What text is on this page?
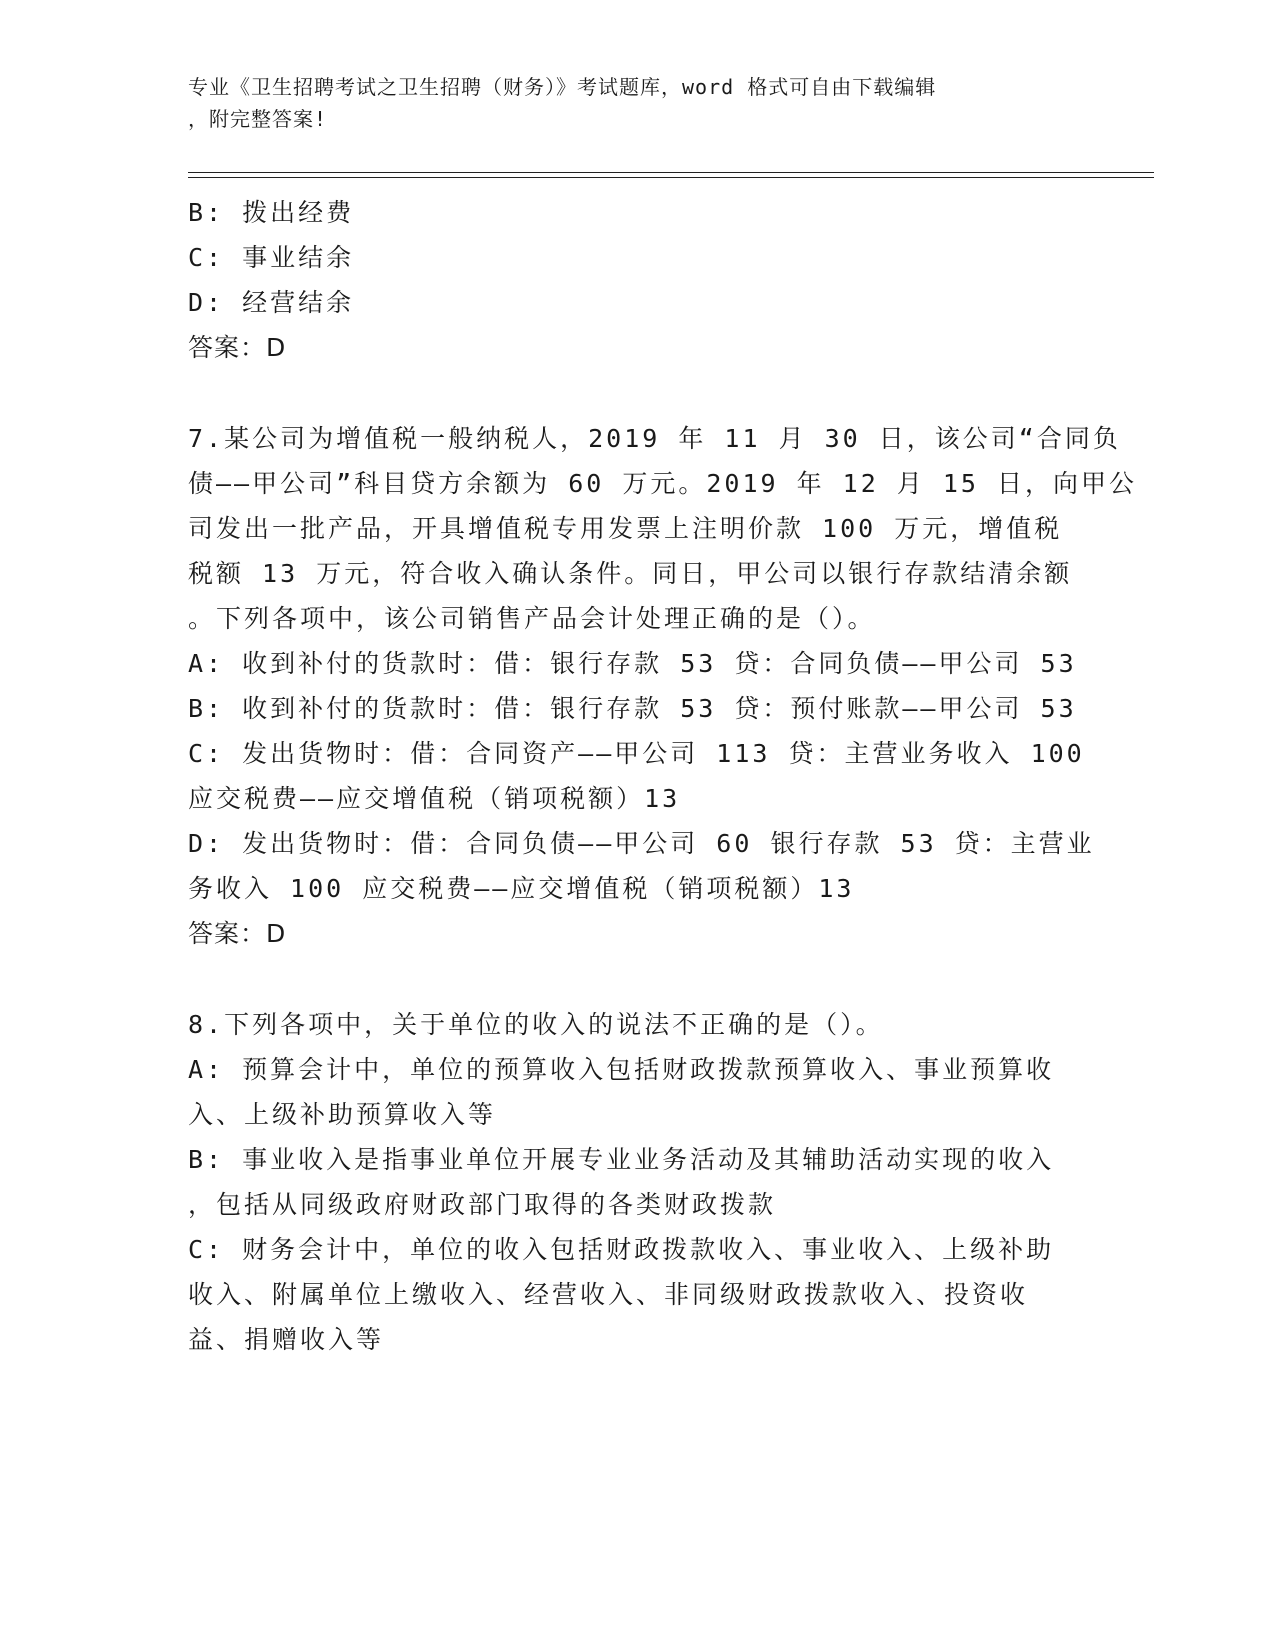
专业《卫生招聘考试之卫生招聘（财务）》考试题库，word 格式可自由下载编辑
，附完整答案!
B: 拨出经费
C: 事业结余
D: 经营结余
答案：D
7.某公司为增值税一般纳税人，2019 年 11 月 30 日，该公司“合同负
债——甲公司”科目贷方余额为 60 万元。2019 年 12 月 15 日，向甲公
司发出一批产品，开具增值税专用发票上注明价款 100 万元，增值税
税额 13 万元，符合收入确认条件。同日，甲公司以银行存款结清余额
。下列各项中，该公司销售产品会计处理正确的是（）。
A: 收到补付的货款时：借：银行存款 53 贷：合同负债——甲公司 53
B: 收到补付的货款时：借：银行存款 53 贷：预付账款——甲公司 53
C: 发出货物时：借：合同资产——甲公司 113 贷：主营业务收入 100
应交税费——应交增值税（销项税额）13
D: 发出货物时：借：合同负债——甲公司 60 银行存款 53 贷：主营业
务收入 100 应交税费——应交增值税（销项税额）13
答案：D
8.下列各项中，关于单位的收入的说法不正确的是（）。
A: 预算会计中，单位的预算收入包括财政拨款预算收入、事业预算收
入、上级补助预算收入等
B: 事业收入是指事业单位开展专业业务活动及其辅助活动实现的收入
，包括从同级政府财政部门取得的各类财政拨款
C: 财务会计中，单位的收入包括财政拨款收入、事业收入、上级补助
收入、附属单位上缴收入、经营收入、非同级财政拨款收入、投资收
益、捐赠收入等
